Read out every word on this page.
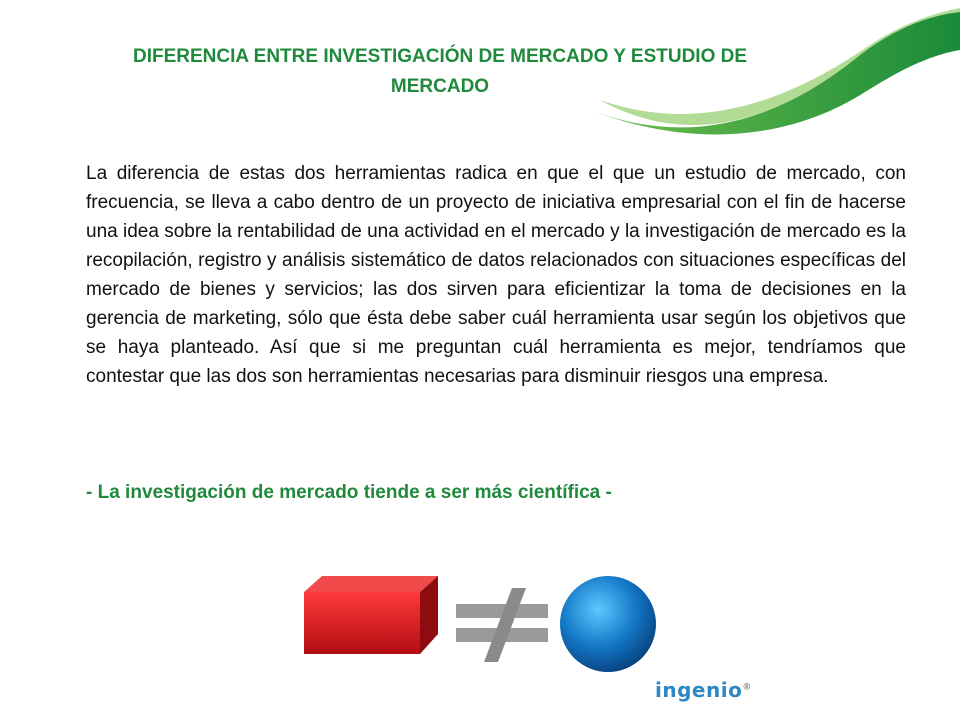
DIFERENCIA ENTRE INVESTIGACIÓN DE MERCADO Y ESTUDIO DE MERCADO

La diferencia de estas dos herramientas radica en que el que un estudio de mercado, con frecuencia, se lleva a cabo dentro de un proyecto de iniciativa empresarial con el fin de hacerse una idea sobre la rentabilidad de una actividad en el mercado y la investigación de mercado es la recopilación, registro y análisis sistemático de datos relacionados con situaciones específicas del mercado de bienes y servicios; las dos sirven para eficientizar la toma de decisiones en la gerencia de marketing, sólo que ésta debe saber cuál herramienta usar según los objetivos que se haya planteado. Así que si me preguntan cuál herramienta es mejor, tendríamos que contestar que las dos son herramientas necesarias para disminuir riesgos una empresa.

- La investigación de mercado tiende a ser más científica -

ingenio®
